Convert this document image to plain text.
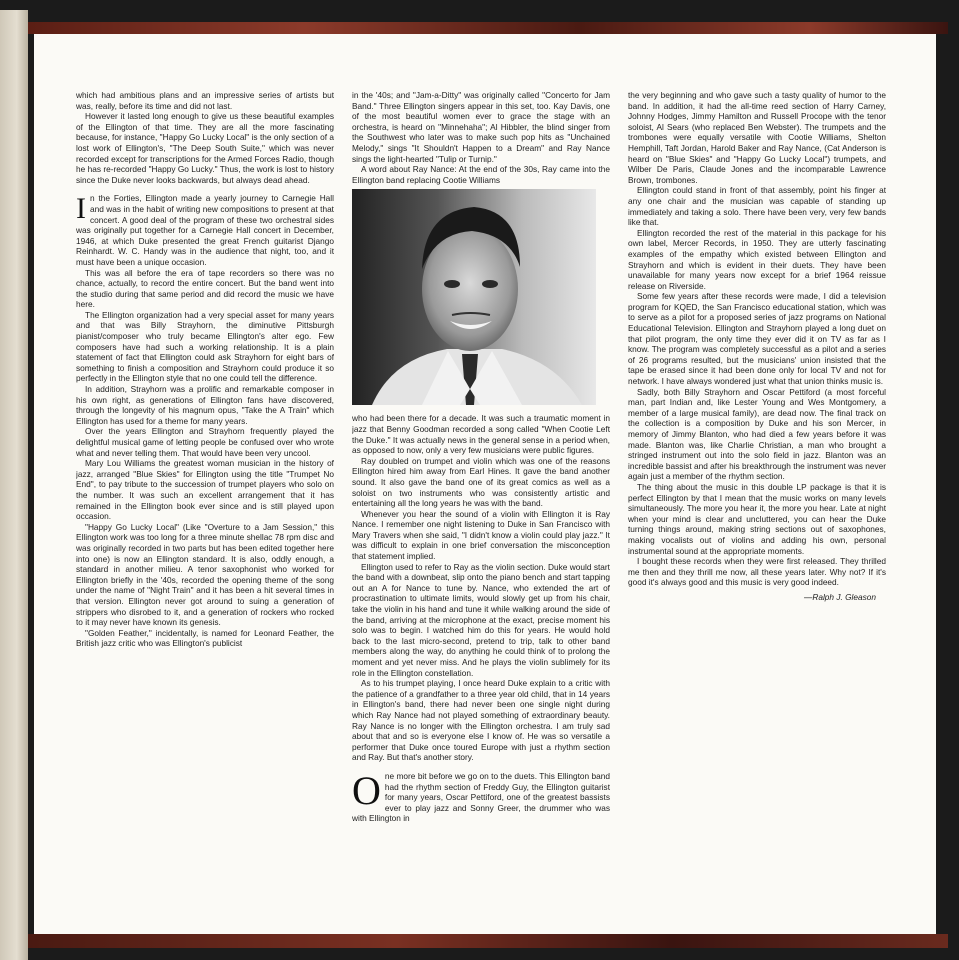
which had ambitious plans and an impressive series of artists but was, really, before its time and did not last.

However it lasted long enough to give us these beautiful examples of the Ellington of that time. They are all the more fascinating because, for instance, "Happy Go Lucky Local" is the only section of a lost work of Ellington's, "The Deep South Suite," which was never recorded except for transcriptions for the Armed Forces Radio, though he has re-recorded "Happy Go Lucky." Thus, the work is lost to history since the Duke never looks backwards, but always dead ahead.

I n the Forties, Ellington made a yearly journey to Carnegie Hall and was in the habit of writing new compositions to present at that concert. A good deal of the program of these two orchestral sides was originally put together for a Carnegie Hall concert in December, 1946, at which Duke presented the great French guitarist Django Reinhardt. W. C. Handy was in the audience that night, too, and it must have been a unique occasion.

This was all before the era of tape recorders so there was no chance, actually, to record the entire concert. But the band went into the studio during that same period and did record the music we have here.

The Ellington organization had a very special asset for many years and that was Billy Strayhorn, the diminutive Pittsburgh pianist/composer who truly became Ellington's alter ego. Few composers have had such a working relationship. It is a plain statement of fact that Ellington could ask Strayhorn for eight bars of something to finish a composition and Strayhorn could produce it so perfectly in the Ellington style that no one could tell the difference.

In addition, Strayhorn was a prolific and remarkable composer in his own right, as generations of Ellington fans have discovered, through the longevity of his magnum opus, "Take the A Train" which Ellington has used for a theme for many years.

Over the years Ellington and Strayhorn frequently played the delightful musical game of letting people be confused over who wrote what and never telling them. That would have been very uncool.

Mary Lou Williams the greatest woman musician in the history of jazz, arranged "Blue Skies" for Ellington using the title "Trumpet No End", to pay tribute to the succession of trumpet players who solo on the number. It was such an excellent arrangement that it has remained in the Ellington book ever since and is still played upon occasion.

"Happy Go Lucky Local" (Like "Overture to a Jam Session," this Ellington work was too long for a three minute shellac 78 rpm disc and was originally recorded in two parts but has been edited together here into one) is now an Ellington standard. It is also, oddly enough, a standard in another milieu. A tenor saxophonist who worked for Ellington briefly in the '40s, recorded the opening theme of the song under the name of "Night Train" and it has been a hit several times in that version. Ellington never got around to suing a generation of strippers who disrobed to it, and a generation of rockers who rocked to it may never have known its genesis.

"Golden Feather," incidentally, is named for Leonard Feather, the British jazz critic who was Ellington's publicist

in the '40s; and "Jam-a-Ditty" was originally called "Concerto for Jam Band." Three Ellington singers appear in this set, too. Kay Davis, one of the most beautiful women ever to grace the stage with an orchestra, is heard on "Minnehaha"; Al Hibbler, the blind singer from the Southwest who later was to make such pop hits as "Unchained Melody," sings "It Shouldn't Happen to a Dream" and Ray Nance sings the light-hearted "Tulip or Turnip."

A word about Ray Nance: At the end of the 30s, Ray came into the Ellington band replacing Cootie Williams

who had been there for a decade. It was such a traumatic moment in jazz that Benny Goodman recorded a song called "When Cootie Left the Duke." It was actually news in the general sense in a period when, as opposed to now, only a very few musicians were public figures.

Ray doubled on trumpet and violin which was one of the reasons Ellington hired him away from Earl Hines. It gave the band another sound. It also gave the band one of its great comics as well as a soloist on two instruments who was consistently artistic and entertaining all the long years he was with the band.

Whenever you hear the sound of a violin with Ellington it is Ray Nance. I remember one night listening to Duke in San Francisco with Mary Travers when she said, "I didn't know a violin could play jazz." It was difficult to explain in one brief conversation the misconception that statement implied.

Ellington used to refer to Ray as the violin section. Duke would start the band with a downbeat, slip onto the piano bench and start tapping out an A for Nance to tune by. Nance, who extended the art of procrastination to ultimate limits, would slowly get up from his chair, take the violin in his hand and tune it while walking around the side of the band, arriving at the microphone at the exact, precise moment his solo was to begin. I watched him do this for years. He would hold back to the last micro-second, pretend to trip, talk to other band members along the way, do anything he could think of to prolong the moment and yet never miss. And he plays the violin sublimely for its role in the Ellington constellation.

As to his trumpet playing, I once heard Duke explain to a critic with the patience of a grandfather to a three year old child, that in 14 years in Ellington's band, there had never been one single night during which Ray Nance had not played something of extraordinary beauty. Ray Nance is no longer with the Ellington orchestra. I am truly sad about that and so is everyone else I know of. He was so versatile a performer that Duke once toured Europe with just a rhythm section and Ray. But that's another story.

O ne more bit before we go on to the duets. This Ellington band had the rhythm section of Freddy Guy, the Ellington guitarist for many years, Oscar Pettiford, one of the greatest bassists ever to play jazz and Sonny Greer, the drummer who was with Ellington in

the very beginning and who gave such a tasty quality of humor to the band. In addition, it had the all-time reed section of Harry Carney, Johnny Hodges, Jimmy Hamilton and Russell Procope with the tenor soloist, Al Sears (who replaced Ben Webster). The trumpets and the trombones were equally versatile with Cootie Williams, Shelton Hemphill, Taft Jordan, Harold Baker and Ray Nance, (Cat Anderson is heard on "Blue Skies" and "Happy Go Lucky Local") trumpets, and Wilber De Paris, Claude Jones and the incomparable Lawrence Brown, trombones.

Ellington could stand in front of that assembly, point his finger at any one chair and the musician was capable of standing up immediately and taking a solo. There have been very, very few bands like that.

Ellington recorded the rest of the material in this package for his own label, Mercer Records, in 1950. They are utterly fascinating examples of the empathy which existed between Ellington and Strayhorn and which is evident in their duets. They have been unavailable for many years now except for a brief 1964 reissue release on Riverside.

Some few years after these records were made, I did a television program for KQED, the San Francisco educational station, which was to serve as a pilot for a proposed series of jazz programs on National Educational Television. Ellington and Strayhorn played a long duet on that pilot program, the only time they ever did it on TV as far as I know. The program was completely successful as a pilot and a series of 26 programs resulted, but the musicians' union insisted that the tape be erased since it had been done only for local TV and not for network. I have always wondered just what that union thinks music is.

Sadly, both Billy Strayhorn and Oscar Pettiford (a most forceful man, part Indian and, like Lester Young and Wes Montgomery, a member of a large musical family), are dead now. The final track on the collection is a composition by Duke and his son Mercer, in memory of Jimmy Blanton, who had died a few years before it was made. Blanton was, like Charlie Christian, a man who brought a stringed instrument out into the solo field in jazz. Blanton was an incredible bassist and after his breakthrough the instrument was never again just a member of the rhythm section.

The thing about the music in this double LP package is that it is perfect Ellington by that I mean that the music works on many levels simultaneously. The more you hear it, the more you hear. Late at night when your mind is clear and uncluttered, you can hear the Duke turning things around, making string sections out of saxophones, making vocalists out of violins and adding his own, personal instrumental sound at the appropriate moments.

I bought these records when they were first released. They thrilled me then and they thrill me now, all these years later. Why not? If it's good it's always good and this music is very good indeed.

—Ralph J. Gleason
